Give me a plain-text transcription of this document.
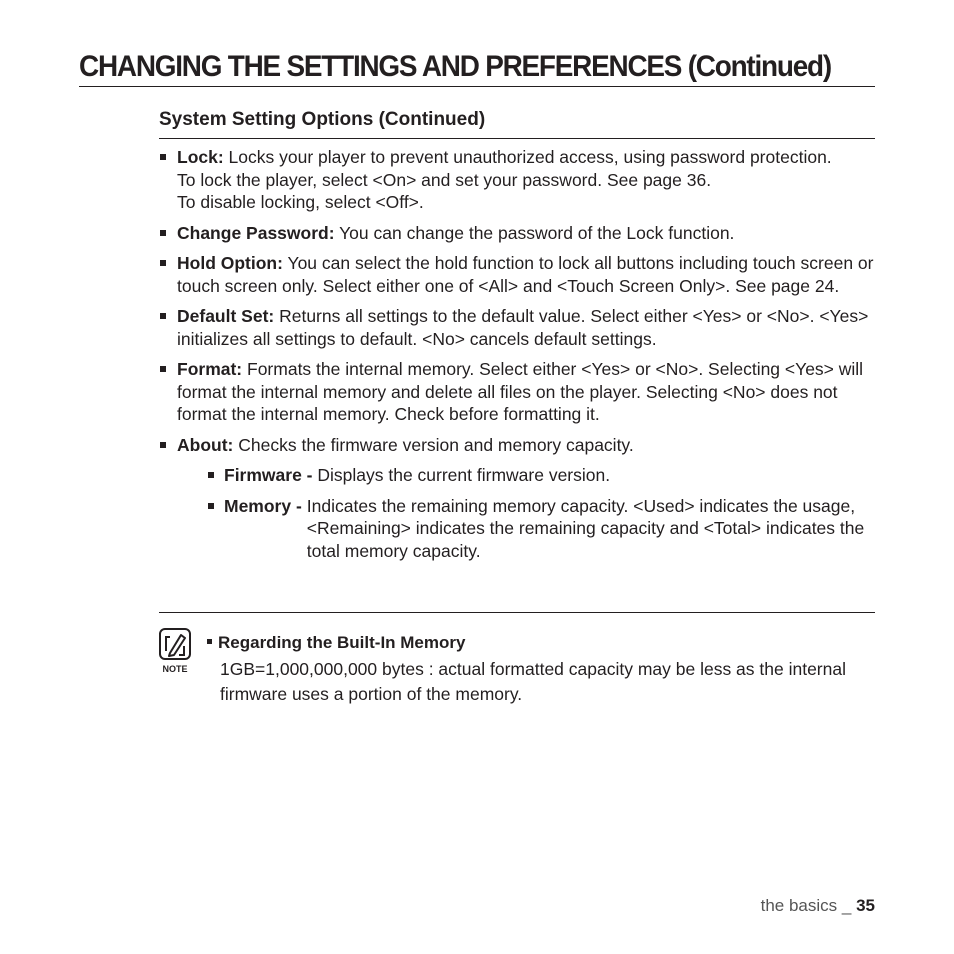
CHANGING THE SETTINGS AND PREFERENCES (Continued)
System Setting Options (Continued)
Lock: Locks your player to prevent unauthorized access, using password protection.
To lock the player, select <On> and set your password. See page 36.
To disable locking, select <Off>.
Change Password: You can change the password of the Lock function.
Hold Option: You can select the hold function to lock all buttons including touch screen or touch screen only. Select either one of <All> and <Touch Screen Only>. See page 24.
Default Set: Returns all settings to the default value. Select either <Yes> or <No>. <Yes> initializes all settings to default. <No> cancels default settings.
Format: Formats the internal memory. Select either <Yes> or <No>. Selecting <Yes> will format the internal memory and delete all files on the player. Selecting <No> does not format the internal memory. Check before formatting it.
About: Checks the firmware version and memory capacity.
Firmware - Displays the current firmware version.
Memory - Indicates the remaining memory capacity. <Used> indicates the usage, <Remaining> indicates the remaining capacity and <Total> indicates the total memory capacity.
NOTE
Regarding the Built-In Memory
1GB=1,000,000,000 bytes : actual formatted capacity may be less as the internal firmware uses a portion of the memory.
the basics _ 35
